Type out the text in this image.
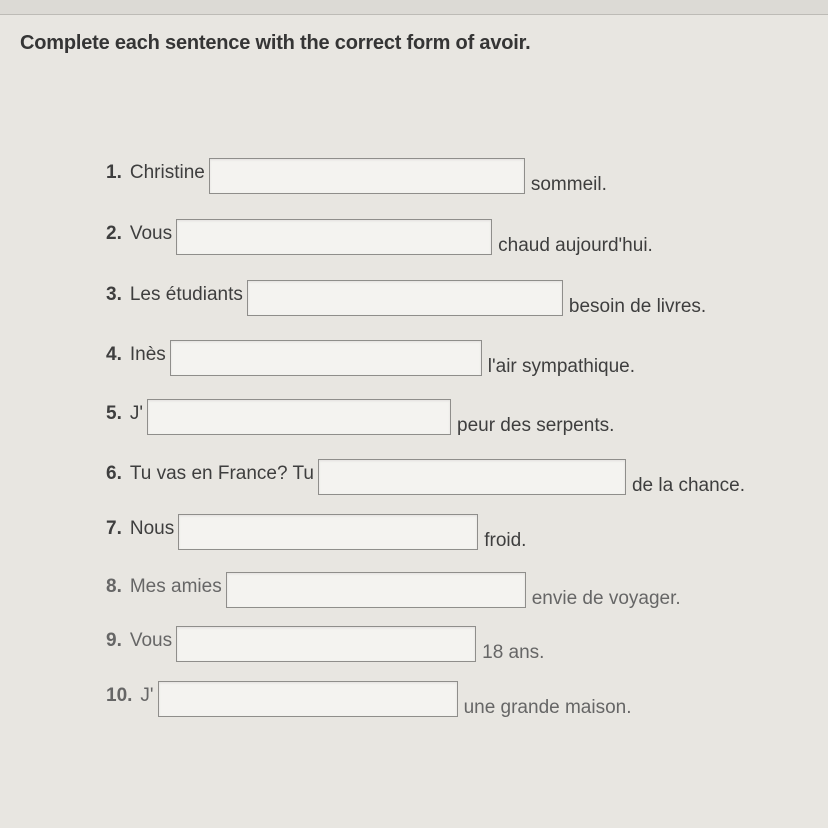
Complete each sentence with the correct form of avoir.
1. Christine
sommeil.
2. Vous
chaud aujourd'hui.
3. Les étudiants
besoin de livres.
4. Inès
l'air sympathique.
5. J'
peur des serpents.
6. Tu vas en France? Tu
de la chance.
7. Nous
froid.
8. Mes amies
envie de voyager.
9. Vous
18 ans.
10. J'
une grande maison.
